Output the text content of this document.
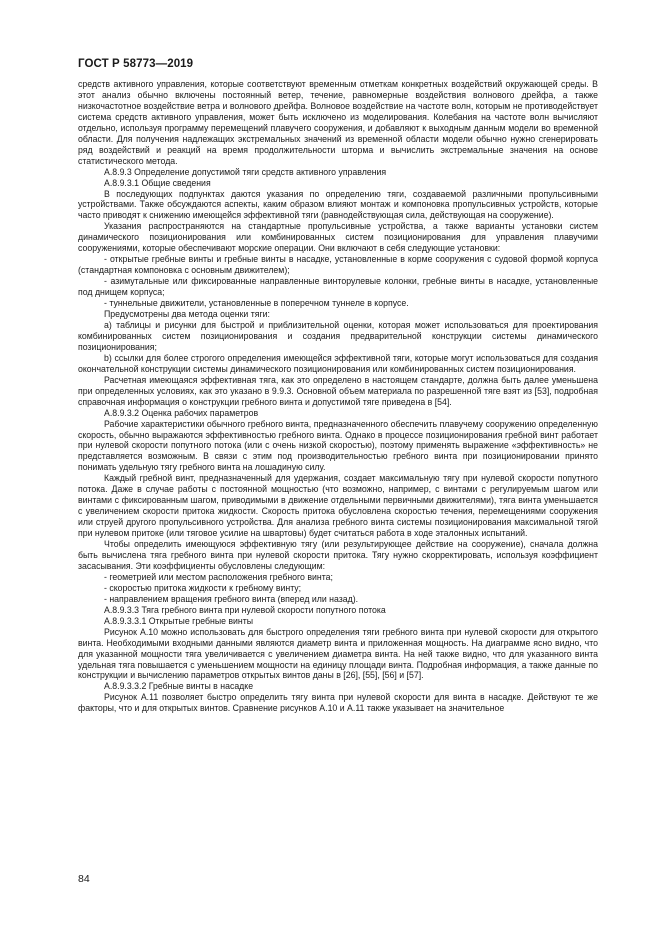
ГОСТ Р 58773—2019

средств активного управления, которые соответствуют временным отметкам конкретных воздействий окружающей среды. В этот анализ обычно включены постоянный ветер, течение, равномерные воздействия волнового дрейфа, а также низкочастотное воздействие ветра и волнового дрейфа. Волновое воздействие на частоте волн, которым не противодействует система средств активного управления, может быть исключено из моделирования. Колебания на частоте волн вычисляют отдельно, используя программу перемещений плавучего сооружения, и добавляют к выходным данным модели во временной области. Для получения надлежащих экстремальных значений из временной области модели обычно нужно сгенерировать ряд воздействий и реакций на время продолжительности шторма и вычислить экстремальные значения на основе статистического метода.

А.8.9.3 Определение допустимой тяги средств активного управления

А.8.9.3.1 Общие сведения

В последующих подпунктах даются указания по определению тяги, создаваемой различными пропульсивными устройствами. Также обсуждаются аспекты, каким образом влияют монтаж и компоновка пропульсивных устройств, которые часто приводят к снижению имеющейся эффективной тяги (равнодействующая сила, действующая на сооружение).

Указания распространяются на стандартные пропульсивные устройства, а также варианты установки систем динамического позиционирования или комбинированных систем позиционирования для управления плавучими сооружениями, которые обеспечивают морские операции. Они включают в себя следующие установки:

- открытые гребные винты и гребные винты в насадке, установленные в корме сооружения с судовой формой корпуса (стандартная компоновка с основным движителем);

- азимутальные или фиксированные направленные винторулевые колонки, гребные винты в насадке, установленные под днищем корпуса;

- туннельные движители, установленные в поперечном туннеле в корпусе.

Предусмотрены два метода оценки тяги:

a) таблицы и рисунки для быстрой и приблизительной оценки, которая может использоваться для проектирования комбинированных систем позиционирования и создания предварительной конструкции системы динамического позиционирования;

b) ссылки для более строгого определения имеющейся эффективной тяги, которые могут использоваться для создания окончательной конструкции системы динамического позиционирования или комбинированных систем позиционирования.

Расчетная имеющаяся эффективная тяга, как это определено в настоящем стандарте, должна быть далее уменьшена при определенных условиях, как это указано в 9.9.3. Основной объем материала по разрешенной тяге взят из [53], подробная справочная информация о конструкции гребного винта и допустимой тяге приведена в [54].

А.8.9.3.2 Оценка рабочих параметров

Рабочие характеристики обычного гребного винта, предназначенного обеспечить плавучему сооружению определенную скорость, обычно выражаются эффективностью гребного винта. Однако в процессе позиционирования гребной винт работает при нулевой скорости попутного потока (или с очень низкой скоростью), поэтому применять выражение «эффективность» не представляется возможным. В связи с этим под производительностью гребного винта при позиционировании принято понимать удельную тягу гребного винта на лошадиную силу.

Каждый гребной винт, предназначенный для удержания, создает максимальную тягу при нулевой скорости попутного потока. Даже в случае работы с постоянной мощностью (что возможно, например, с винтами с регулируемым шагом или винтами с фиксированным шагом, приводимыми в движение отдельными первичными движителями), тяга винта уменьшается с увеличением скорости притока жидкости. Скорость притока обусловлена скоростью течения, перемещениями сооружения или струей другого пропульсивного устройства. Для анализа гребного винта системы позиционирования максимальной тягой при нулевом притоке (или тяговое усилие на швартовы) будет считаться работа в ходе эталонных испытаний.

Чтобы определить имеющуюся эффективную тягу (или результирующее действие на сооружение), сначала должна быть вычислена тяга гребного винта при нулевой скорости притока. Тягу нужно скорректировать, используя коэффициент засасывания. Эти коэффициенты обусловлены следующим:

- геометрией или местом расположения гребного винта;

- скоростью притока жидкости к гребному винту;

- направлением вращения гребного винта (вперед или назад).

А.8.9.3.3 Тяга гребного винта при нулевой скорости попутного потока

А.8.9.3.3.1 Открытые гребные винты

Рисунок А.10 можно использовать для быстрого определения тяги гребного винта при нулевой скорости для открытого винта. Необходимыми входными данными являются диаметр винта и приложенная мощность. На диаграмме ясно видно, что для указанной мощности тяга увеличивается с увеличением диаметра винта. На ней также видно, что для указанного винта удельная тяга повышается с уменьшением мощности на единицу площади винта. Подробная информация, а также данные по конструкции и вычислению параметров открытых винтов даны в [26], [55], [56] и [57].

А.8.9.3.3.2 Гребные винты в насадке

Рисунок А.11 позволяет быстро определить тягу винта при нулевой скорости для винта в насадке. Действуют те же факторы, что и для открытых винтов. Сравнение рисунков А.10 и А.11 также указывает на значительное

84
